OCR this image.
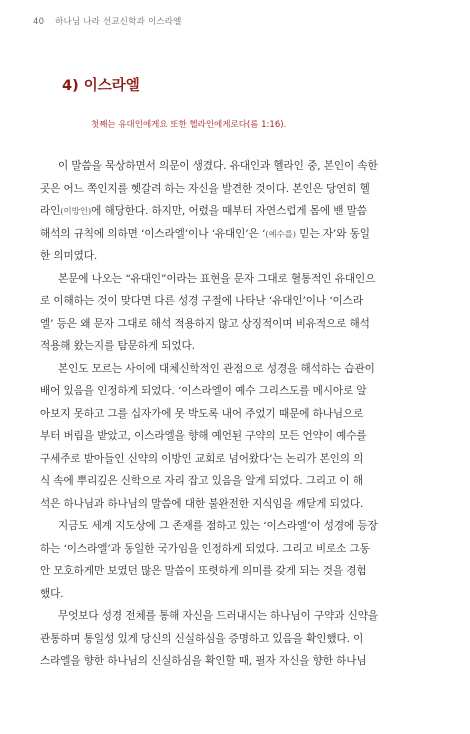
40 하나님 나라 선교신학과 이스라엘
4) 이스라엘
첫째는 유대인에게요 또한 헬라인에게로다(롬 1:16).
이 말씀을 묵상하면서 의문이 생겼다. 유대인과 헬라인 중, 본인이 속한
곳은 어느 쪽인지를 헷갈려 하는 자신을 발견한 것이다. 본인은 당연히 헬
라인(이방인)에 해당한다. 하지만, 어렸을 때부터 자연스럽게 몸에 밴 말씀
해석의 규칙에 의하면 ‘이스라엘’이나 ‘유대인’은 ‘(예수를) 믿는 자’와 동일
한 의미였다.
본문에 나오는 “유대인”이라는 표현을 문자 그대로 혈통적인 유대인으
로 이해하는 것이 맞다면 다른 성경 구절에 나타난 ‘유대인’이나 ‘이스라
엘’ 등은 왜 문자 그대로 해석 적용하지 않고 상징적이며 비유적으로 해석
적용해 왔는지를 탐문하게 되었다.
본인도 모르는 사이에 대체신학적인 관점으로 성경을 해석하는 습관이
배어 있음을 인정하게 되었다. ‘이스라엘이 예수 그리스도를 메시아로 알
아보지 못하고 그를 십자가에 못 박도록 내어 주었기 때문에 하나님으로
부터 버림을 받았고, 이스라엘을 향해 예언된 구약의 모든 언약이 예수를
구세주로 받아들인 신약의 이방인 교회로 넘어왔다’는 논리가 본인의 의
식 속에 뿌리깊은 신학으로 자리 잡고 있음을 알게 되었다. 그리고 이 해
석은 하나님과 하나님의 말씀에 대한 불완전한 지식임을 깨닫게 되었다.
지금도 세계 지도상에 그 존재를 점하고 있는 ‘이스라엘’이 성경에 등장
하는 ‘이스라엘’과 동일한 국가임을 인정하게 되었다. 그리고 비로소 그동
안 모호하게만 보였던 많은 말씀이 또렷하게 의미를 갖게 되는 것을 경험
했다.
무엇보다 성경 전체를 통해 자신을 드러내시는 하나님이 구약과 신약을
관통하며 통일성 있게 당신의 신실하심을 증명하고 있음을 확인했다. 이
스라엘을 향한 하나님의 신실하심을 확인할 때, 필자 자신을 향한 하나님
